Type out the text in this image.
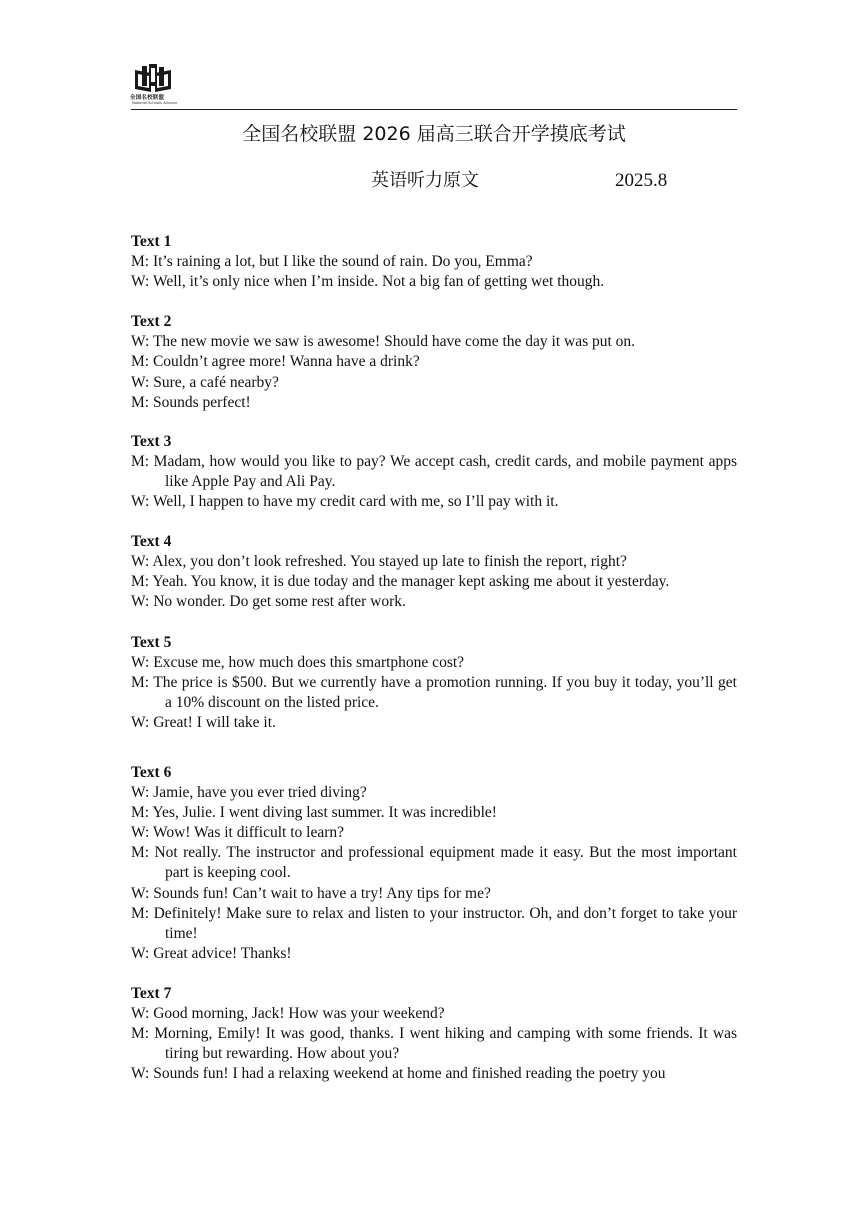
全国名校联盟
National Schools Alliance
全国名校联盟 2026 届高三联合开学摸底考试
英语听力原文	2025.8

Text 1

M: It’s raining a lot, but I like the sound of rain. Do you, Emma?

W: Well, it’s only nice when I’m inside. Not a big fan of getting wet though.

Text 2

W: The new movie we saw is awesome! Should have come the day it was put on.

M: Couldn’t agree more! Wanna have a drink?

W: Sure, a café nearby?

M: Sounds perfect!

Text 3

M: Madam, how would you like to pay? We accept cash, credit cards, and mobile payment apps like Apple Pay and Ali Pay.

W: Well, I happen to have my credit card with me, so I’ll pay with it.

Text 4

W: Alex, you don’t look refreshed. You stayed up late to finish the report, right?

M: Yeah. You know, it is due today and the manager kept asking me about it yesterday.

W: No wonder. Do get some rest after work.

Text 5

W: Excuse me, how much does this smartphone cost?

M: The price is $500. But we currently have a promotion running. If you buy it today, you’ll get a 10% discount on the listed price.

W: Great! I will take it.

Text 6

W: Jamie, have you ever tried diving?

M: Yes, Julie. I went diving last summer. It was incredible!

W: Wow! Was it difficult to learn?

M: Not really. The instructor and professional equipment made it easy. But the most important part is keeping cool.

W: Sounds fun! Can’t wait to have a try! Any tips for me?

M: Definitely! Make sure to relax and listen to your instructor. Oh, and don’t forget to take your time!

W: Great advice! Thanks!

Text 7

W: Good morning, Jack! How was your weekend?

M: Morning, Emily! It was good, thanks. I went hiking and camping with some friends. It was tiring but rewarding. How about you?

W: Sounds fun! I had a relaxing weekend at home and finished reading the poetry you
